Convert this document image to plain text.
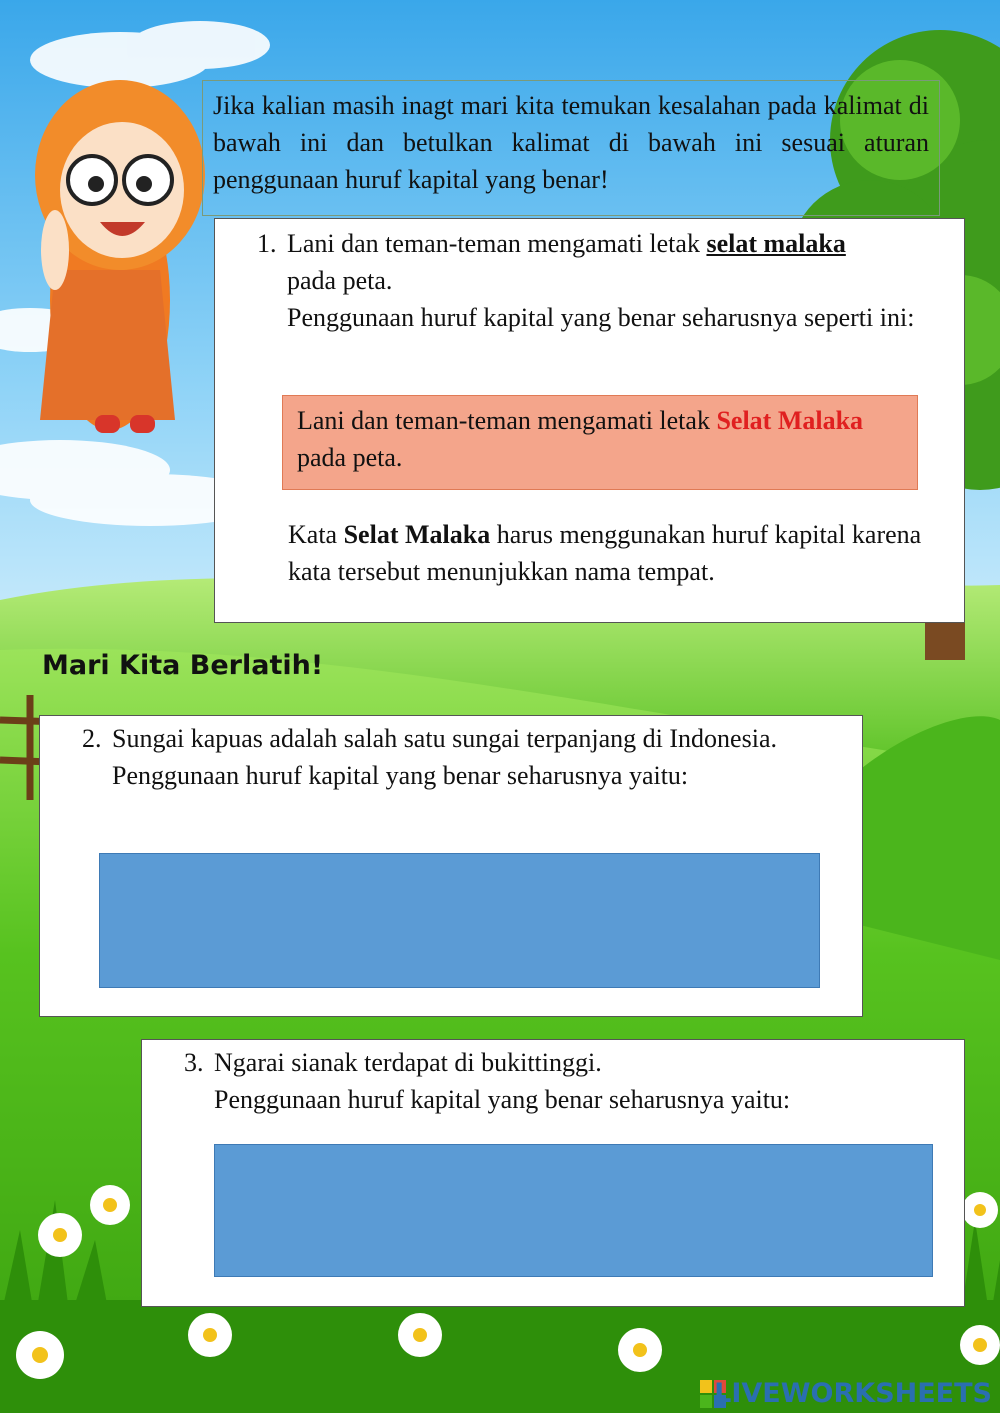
Jika kalian masih inagt mari kita temukan kesalahan pada kalimat di bawah ini dan betulkan kalimat di bawah ini sesuai aturan penggunaan huruf kapital yang benar!
1. Lani dan teman-teman mengamati letak selat malaka
pada peta.
Penggunaan huruf kapital yang benar seharusnya seperti ini:
Lani dan teman-teman mengamati letak Selat Malaka pada peta.
Kata Selat Malaka harus menggunakan huruf kapital karena kata tersebut menunjukkan nama tempat.
Mari Kita Berlatih!
2. Sungai kapuas adalah salah satu sungai terpanjang di Indonesia.
Penggunaan huruf kapital yang benar seharusnya yaitu:
3. Ngarai sianak terdapat di bukittinggi.
Penggunaan huruf kapital yang benar seharusnya yaitu:
LIVEWORKSHEETS
